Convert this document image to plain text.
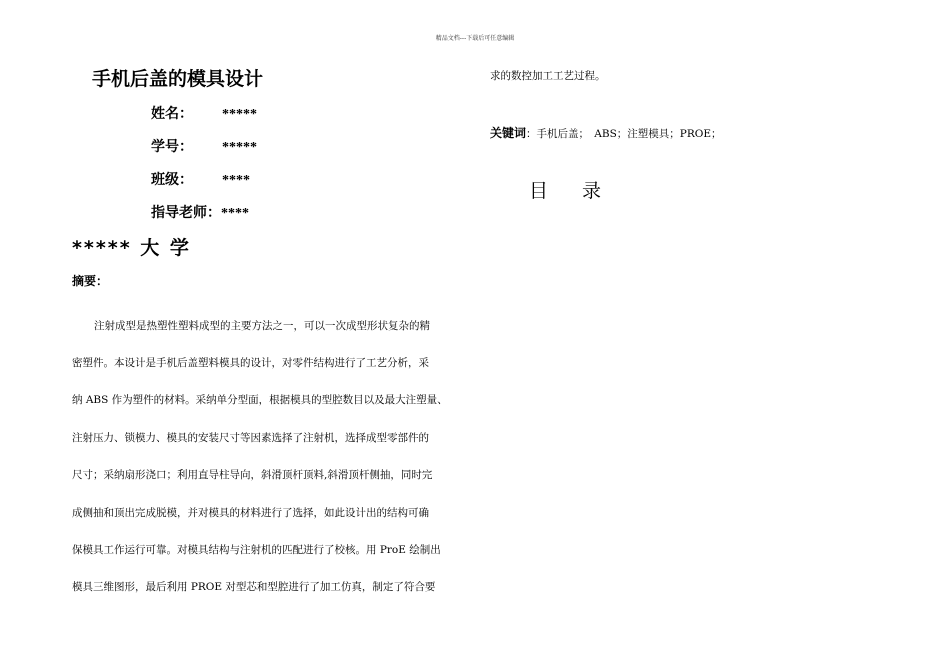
精品文档---下载后可任意编辑
手机后盖的模具设计
姓名： *****
学号： *****
班级： ****
指导老师：****
***** 大 学
摘要：
注射成型是热塑性塑料成型的主要方法之一，可以一次成型形状复杂的精
密塑件。本设计是手机后盖塑料模具的设计，对零件结构进行了工艺分析，采
纳 ABS 作为塑件的材料。采纳单分型面，根据模具的型腔数目以及最大注塑量、
注射压力、锁模力、模具的安装尺寸等因素选择了注射机，选择成型零部件的
尺寸；采纳扇形浇口；利用直导柱导向，斜滑顶杆顶料,斜滑顶杆侧抽，同时完
成侧抽和顶出完成脱模，并对模具的材料进行了选择，如此设计出的结构可确
保模具工作运行可靠。对模具结构与注射机的匹配进行了校核。用 ProE 绘制出
模具三维图形，最后利用 PROE 对型芯和型腔进行了加工仿真，制定了符合要
求的数控加工工艺过程。
关键词：手机后盖；　ABS；注塑模具；PROE；
目录
